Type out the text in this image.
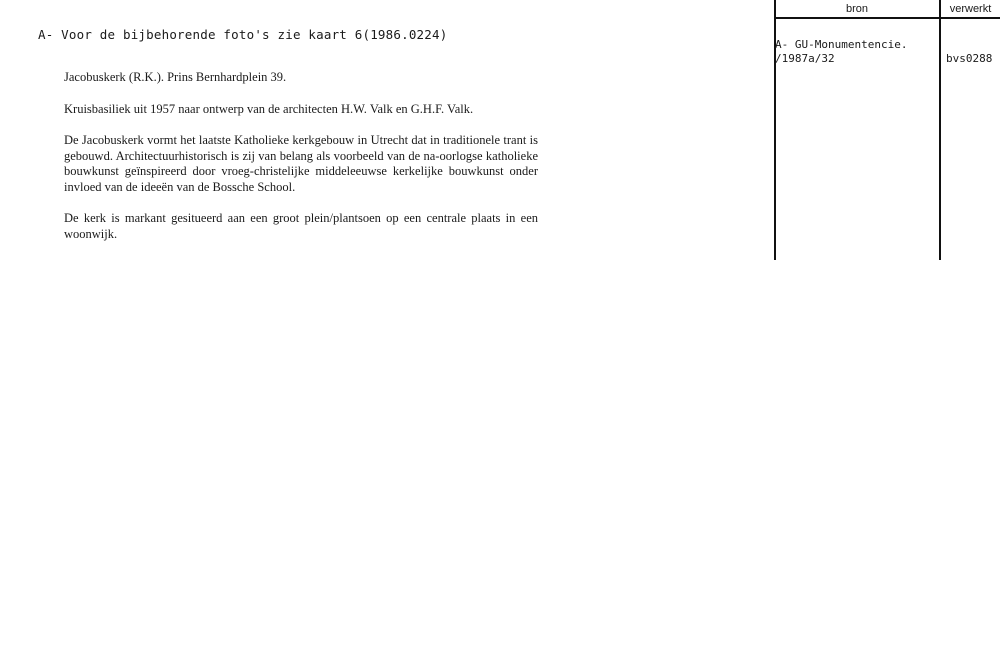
A- Voor de bijbehorende foto's zie kaart 6(1986.0224)
Jacobuskerk (R.K.). Prins Bernhardplein 39.
Kruisbasiliek uit 1957 naar ontwerp van de architecten H.W. Valk en G.H.F. Valk.
De Jacobuskerk vormt het laatste Katholieke kerkgebouw in Utrecht dat in traditionele trant is gebouwd. Architectuurhistorisch is zij van belang als voorbeeld van de na-oorlogse katholieke bouwkunst geïnspireerd door vroeg-christelijke middeleeuwse kerkelijke bouwkunst onder invloed van de ideeën van de Bossche School.
De kerk is markant gesitueerd aan een groot plein/plantsoen op een centrale plaats in een woonwijk.
bron	verwerkt
A- GU-Monumentencie.
/1987a/32	bvs0288
